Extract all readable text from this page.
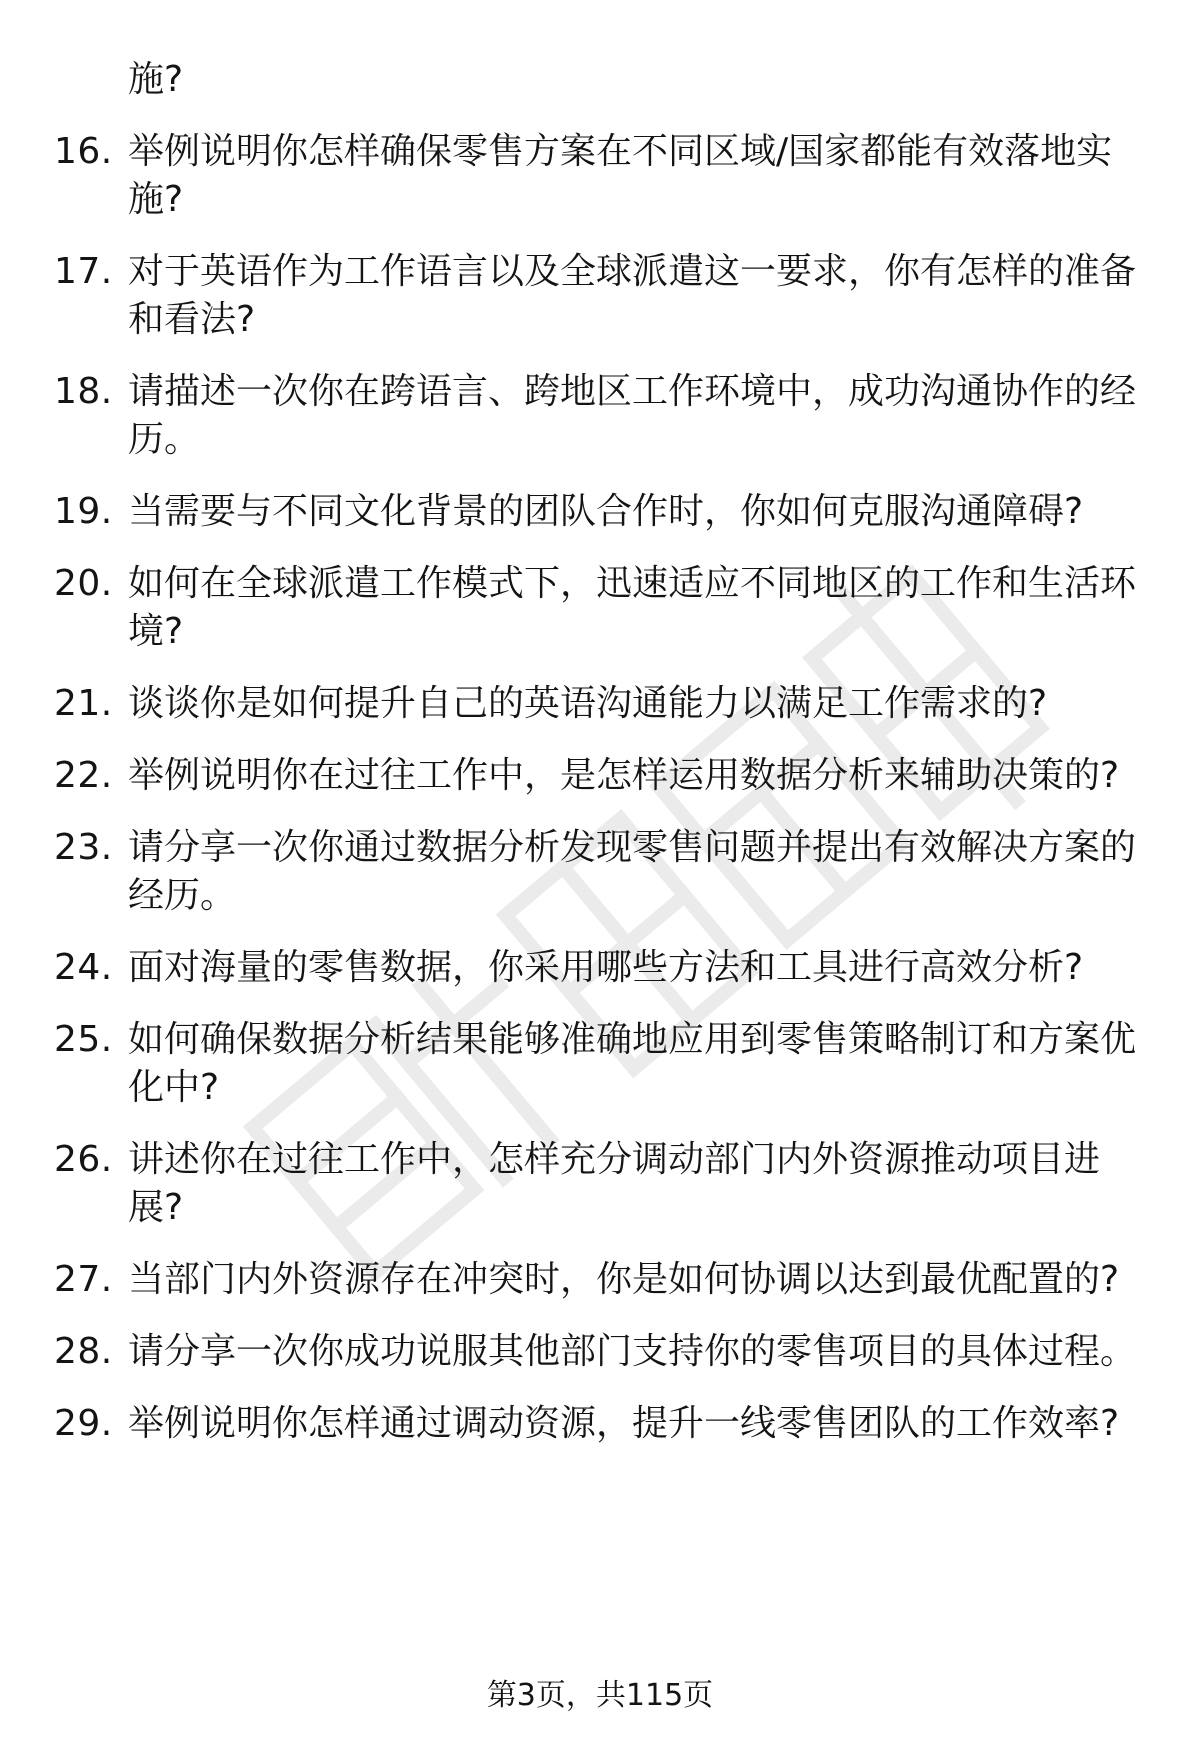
施?
16. 举例说明你怎样确保零售方案在不同区域/国家都能有效落地实
施?
17. 对于英语作为工作语言以及全球派遣这一要求，你有怎样的准备
和看法?
18. 请描述一次你在跨语言、跨地区工作环境中，成功沟通协作的经
历。
19. 当需要与不同文化背景的团队合作时，你如何克服沟通障碍?
20. 如何在全球派遣工作模式下，迅速适应不同地区的工作和生活环
境?
21. 谈谈你是如何提升自己的英语沟通能力以满足工作需求的?
22. 举例说明你在过往工作中，是怎样运用数据分析来辅助决策的?
23. 请分享一次你通过数据分析发现零售问题并提出有效解决方案的
经历。
24. 面对海量的零售数据，你采用哪些方法和工具进行高效分析?
25. 如何确保数据分析结果能够准确地应用到零售策略制订和方案优
化中?
26. 讲述你在过往工作中，怎样充分调动部门内外资源推动项目进
展?
27. 当部门内外资源存在冲突时，你是如何协调以达到最优配置的?
28. 请分享一次你成功说服其他部门支持你的零售项目的具体过程。
29. 举例说明你怎样通过调动资源，提升一线零售团队的工作效率?
第3页，共115页
